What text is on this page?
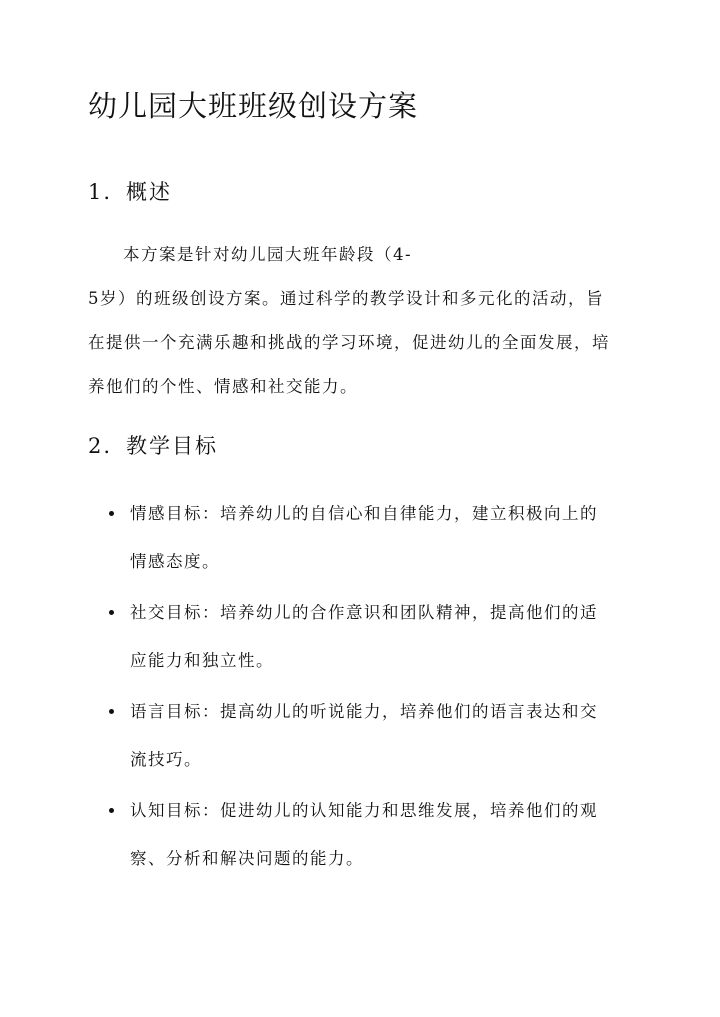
幼儿园大班班级创设方案
1. 概述
本方案是针对幼儿园大班年龄段（4-
5岁）的班级创设方案。通过科学的教学设计和多元化的活动，旨
在提供一个充满乐趣和挑战的学习环境，促进幼儿的全面发展，培
养他们的个性、情感和社交能力。
2. 教学目标
情感目标：培养幼儿的自信心和自律能力，建立积极向上的
情感态度。
社交目标：培养幼儿的合作意识和团队精神，提高他们的适
应能力和独立性。
语言目标：提高幼儿的听说能力，培养他们的语言表达和交
流技巧。
认知目标：促进幼儿的认知能力和思维发展，培养他们的观
察、分析和解决问题的能力。
